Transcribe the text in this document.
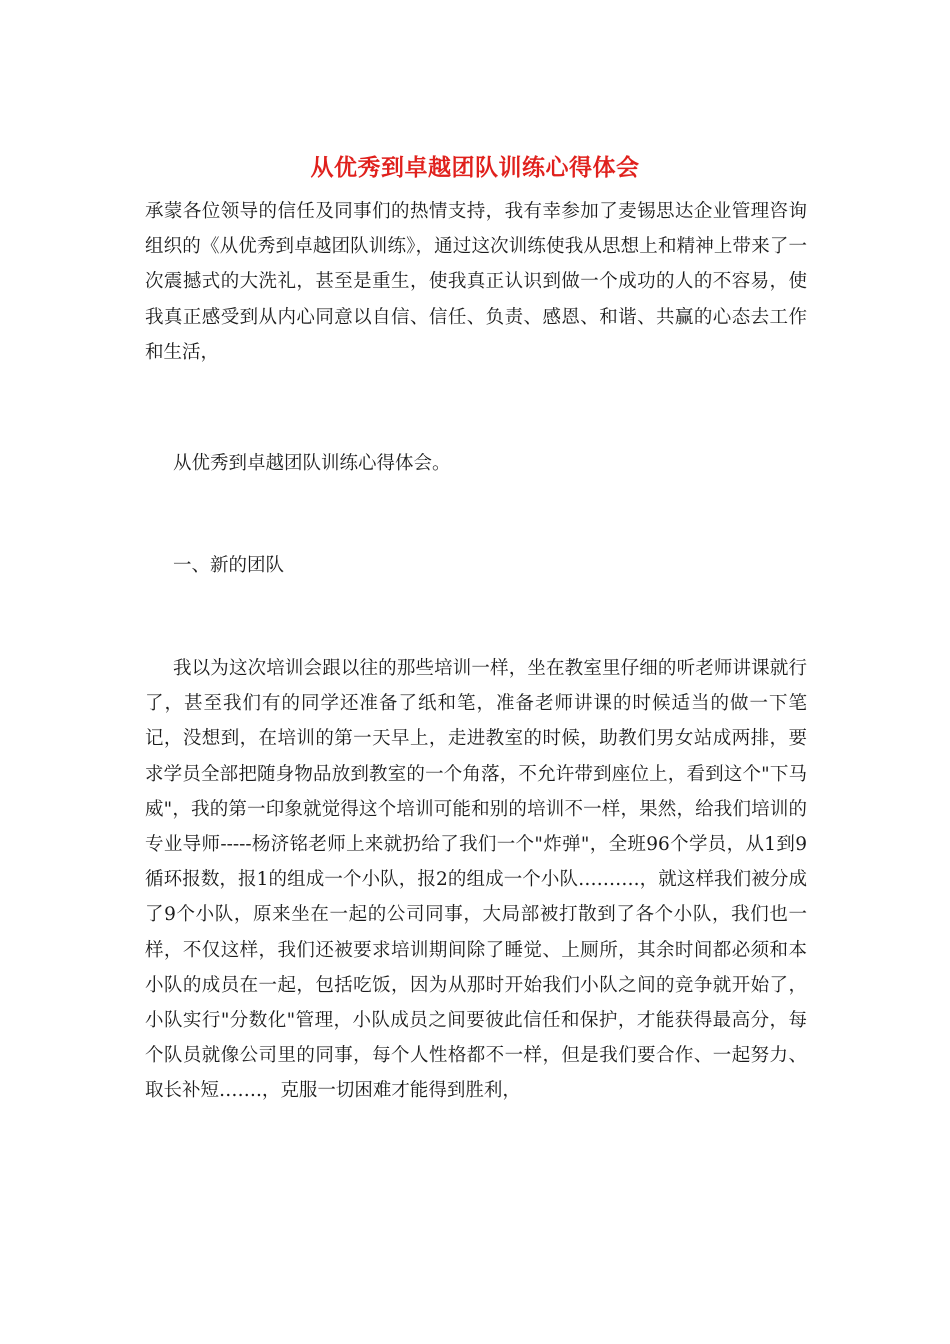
从优秀到卓越团队训练心得体会

承蒙各位领导的信任及同事们的热情支持，我有幸参加了麦锡思达企业管理咨询组织的《从优秀到卓越团队训练》，通过这次训练使我从思想上和精神上带来了一次震撼式的大洗礼，甚至是重生，使我真正认识到做一个成功的人的不容易，使我真正感受到从内心同意以自信、信任、负责、感恩、和谐、共赢的心态去工作和生活，

从优秀到卓越团队训练心得体会。

一、新的团队

我以为这次培训会跟以往的那些培训一样，坐在教室里仔细的听老师讲课就行了，甚至我们有的同学还准备了纸和笔，准备老师讲课的时候适当的做一下笔记，没想到，在培训的第一天早上，走进教室的时候，助教们男女站成两排，要求学员全部把随身物品放到教室的一个角落，不允许带到座位上，看到这个"下马威"，我的第一印象就觉得这个培训可能和别的培训不一样，果然，给我们培训的专业导师-----杨济铭老师上来就扔给了我们一个"炸弹"，全班96个学员，从1到9循环报数，报1的组成一个小队，报2的组成一个小队……….，就这样我们被分成了9个小队，原来坐在一起的公司同事，大局部被打散到了各个小队，我们也一样，不仅这样，我们还被要求培训期间除了睡觉、上厕所，其余时间都必须和本小队的成员在一起，包括吃饭，因为从那时开始我们小队之间的竞争就开始了，小队实行"分数化"管理，小队成员之间要彼此信任和保护，才能获得最高分，每个队员就像公司里的同事，每个人性格都不一样，但是我们要合作、一起努力、取长补短…….，克服一切困难才能得到胜利，
